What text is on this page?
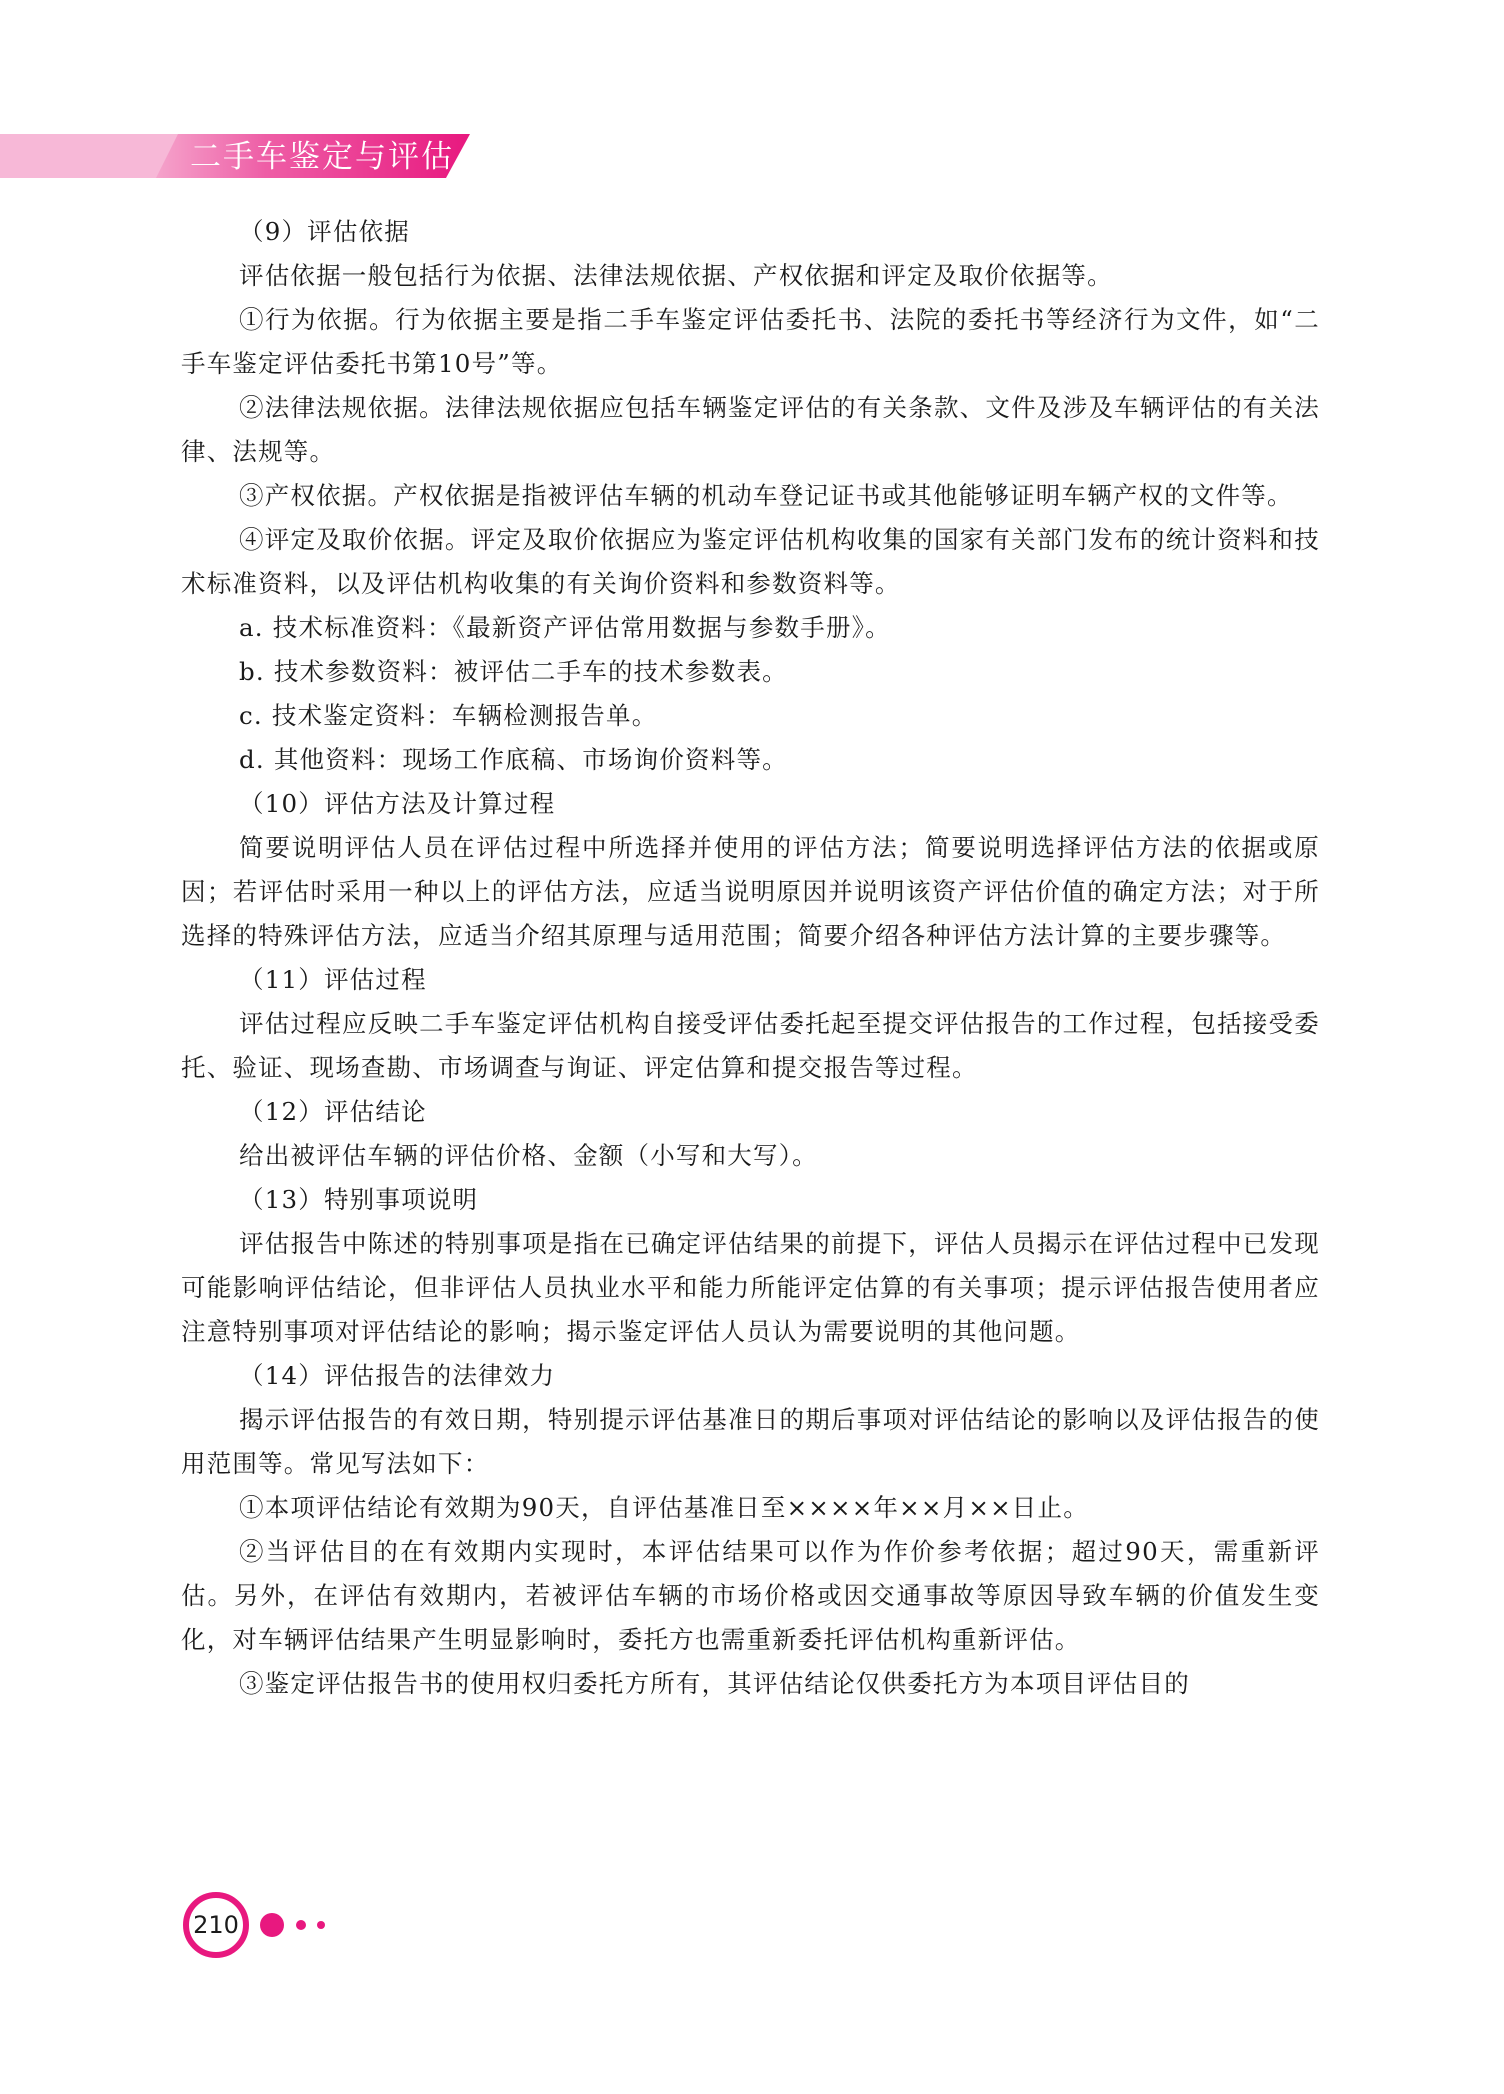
二手车鉴定与评估

（9）评估依据

评估依据一般包括行为依据、法律法规依据、产权依据和评定及取价依据等。

①行为依据。行为依据主要是指二手车鉴定评估委托书、法院的委托书等经济行为文件，如“二手车鉴定评估委托书第10号”等。

②法律法规依据。法律法规依据应包括车辆鉴定评估的有关条款、文件及涉及车辆评估的有关法律、法规等。

③产权依据。产权依据是指被评估车辆的机动车登记证书或其他能够证明车辆产权的文件等。

④评定及取价依据。评定及取价依据应为鉴定评估机构收集的国家有关部门发布的统计资料和技术标准资料，以及评估机构收集的有关询价资料和参数资料等。

a. 技术标准资料：《最新资产评估常用数据与参数手册》。

b. 技术参数资料：被评估二手车的技术参数表。

c. 技术鉴定资料：车辆检测报告单。

d. 其他资料：现场工作底稿、市场询价资料等。

（10）评估方法及计算过程

简要说明评估人员在评估过程中所选择并使用的评估方法；简要说明选择评估方法的依据或原因；若评估时采用一种以上的评估方法，应适当说明原因并说明该资产评估价值的确定方法；对于所选择的特殊评估方法，应适当介绍其原理与适用范围；简要介绍各种评估方法计算的主要步骤等。

（11）评估过程

评估过程应反映二手车鉴定评估机构自接受评估委托起至提交评估报告的工作过程，包括接受委托、验证、现场查勘、市场调查与询证、评定估算和提交报告等过程。

（12）评估结论

给出被评估车辆的评估价格、金额（小写和大写）。

（13）特别事项说明

评估报告中陈述的特别事项是指在已确定评估结果的前提下，评估人员揭示在评估过程中已发现可能影响评估结论，但非评估人员执业水平和能力所能评定估算的有关事项；提示评估报告使用者应注意特别事项对评估结论的影响；揭示鉴定评估人员认为需要说明的其他问题。

（14）评估报告的法律效力

揭示评估报告的有效日期，特别提示评估基准日的期后事项对评估结论的影响以及评估报告的使用范围等。常见写法如下：

①本项评估结论有效期为90天，自评估基准日至××××年××月××日止。

②当评估目的在有效期内实现时，本评估结果可以作为作价参考依据；超过90天，需重新评估。另外，在评估有效期内，若被评估车辆的市场价格或因交通事故等原因导致车辆的价值发生变化，对车辆评估结果产生明显影响时，委托方也需重新委托评估机构重新评估。

③鉴定评估报告书的使用权归委托方所有，其评估结论仅供委托方为本项目评估目的

210
